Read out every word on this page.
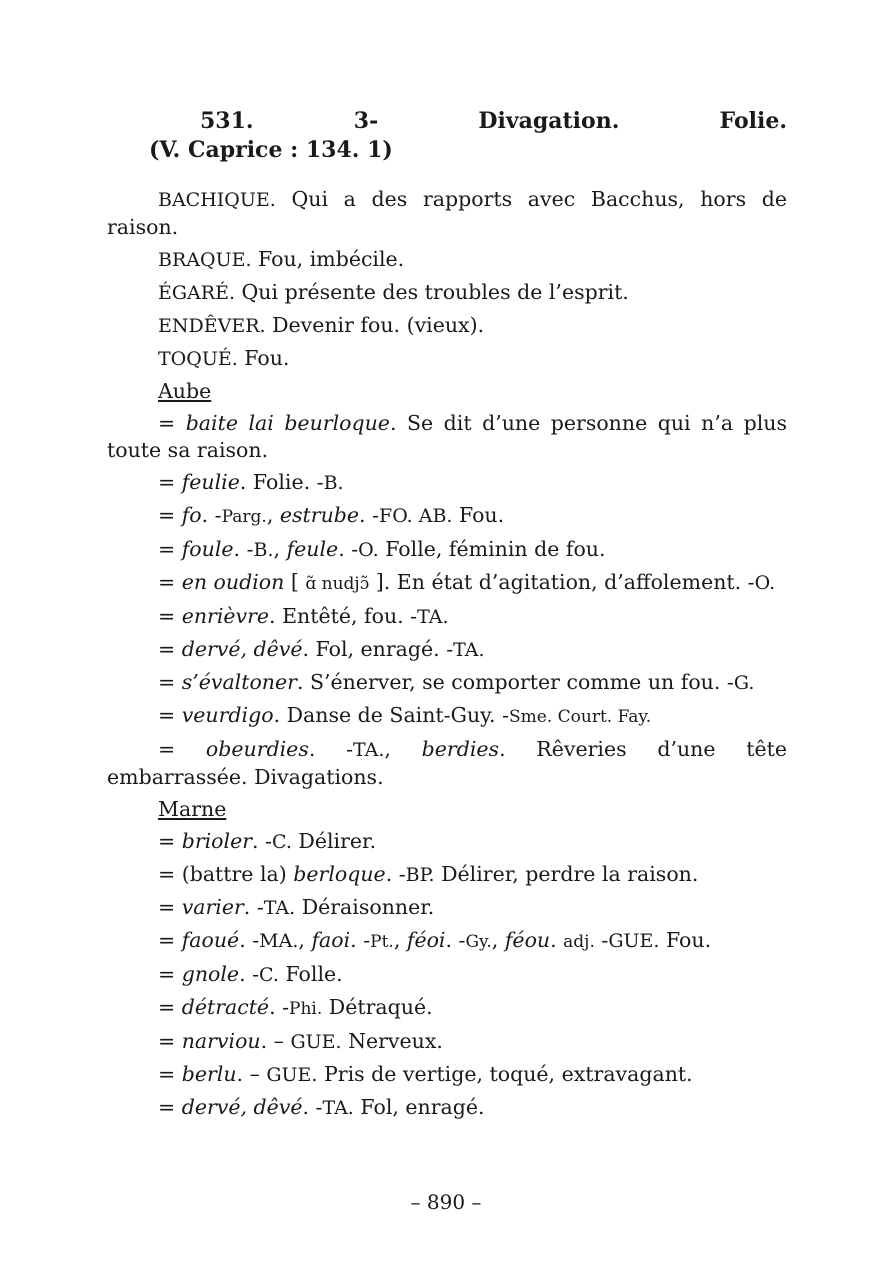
531.	3-	Divagation.	Folie.
(V. Caprice : 134. 1)

BACHIQUE. Qui a des rapports avec Bacchus, hors de raison.

BRAQUE. Fou, imbécile.

ÉGARÉ. Qui présente des troubles de l’esprit.

ENDÊVER. Devenir fou. (vieux).

TOQUÉ. Fou.

Aube

= baite lai beurloque. Se dit d’une personne qui n’a plus toute sa raison.

= feulie. Folie. -B.

= fo. -Parg., estrube. -FO. AB. Fou.

= foule. -B., feule. -O. Folle, féminin de fou.

= en oudion [ ɑ̃ nudjɔ̃ ]. En état d’agitation, d’affolement. -O.

= enrièvre. Entêté, fou. -TA.

= dervé, dêvé. Fol, enragé. -TA.

= s’évaltoner. S’énerver, se comporter comme un fou. -G.

= veurdigo. Danse de Saint-Guy. -Sme. Court. Fay.

= obeurdies. -TA., berdies. Rêveries d’une tête embarrassée. Divagations.

Marne

= brioler. -C. Délirer.

= (battre la) berloque. -BP. Délirer, perdre la raison.

= varier. -TA. Déraisonner.

= faoué. -MA., faoi. -Pt., féoi. -Gy., féou. adj. -GUE. Fou.

= gnole. -C. Folle.

= détracté. -Phi. Détraqué.

= narviou. – GUE. Nerveux.

= berlu. – GUE. Pris de vertige, toqué, extravagant.

= dervé, dêvé. -TA. Fol, enragé.

– 890 –
